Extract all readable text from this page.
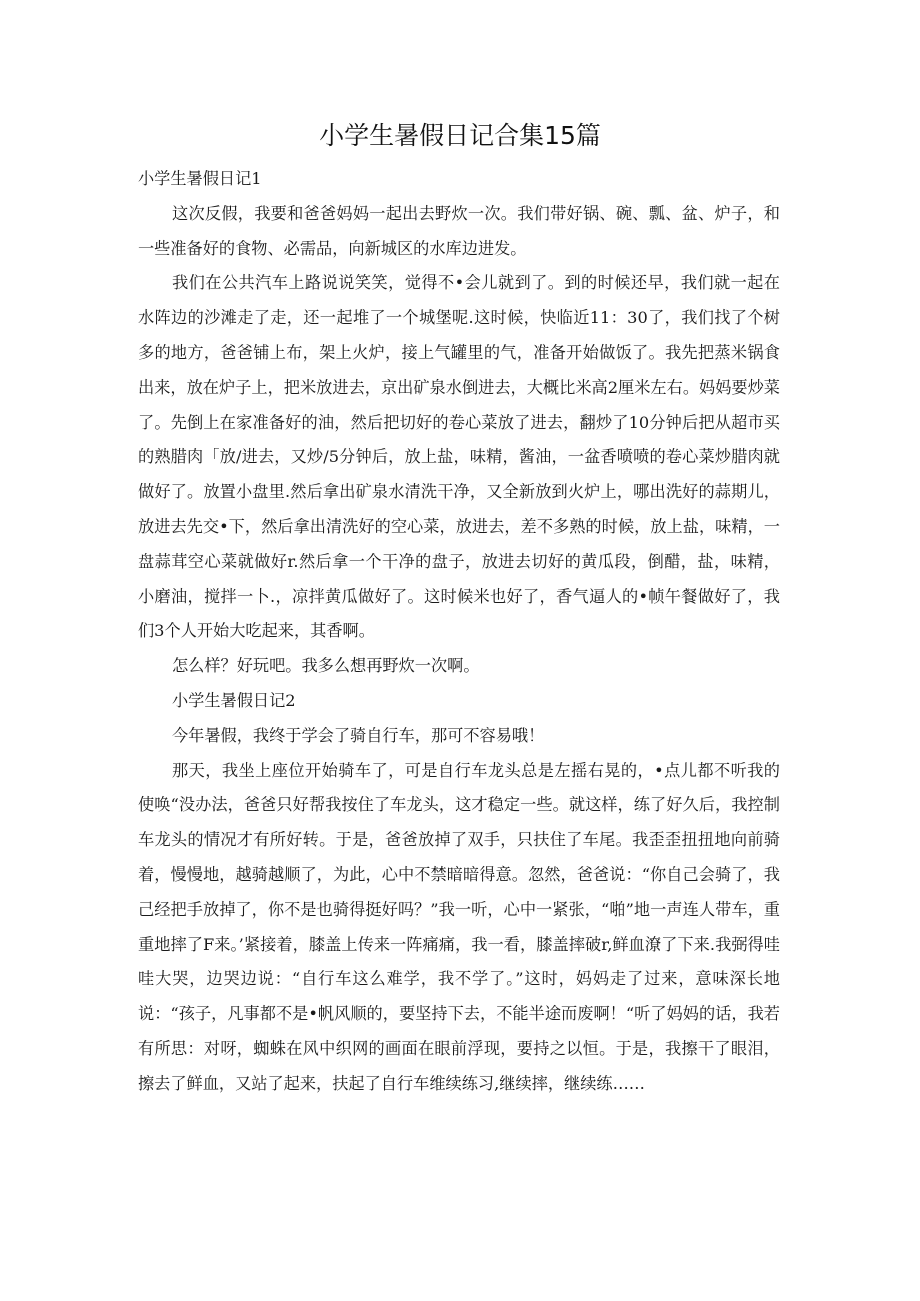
小学生暑假日记合集15篇

小学生暑假日记1

这次反假，我要和爸爸妈妈一起出去野炊一次。我们带好锅、碗、瓢、盆、炉子，和一些准备好的食物、必需品，向新城区的水库边进发。

我们在公共汽车上路说说笑笑，觉得不•会儿就到了。到的时候还早，我们就一起在水阵边的沙滩走了走，还一起堆了一个城堡呢.这时候，快临近11：30了，我们找了个树多的地方，爸爸铺上布，架上火炉，接上气罐里的气，准备开始做饭了。我先把蒸米锅食出来，放在炉子上，把米放进去，京出矿泉水倒进去，大概比米高2厘米左右。妈妈要炒菜了。先倒上在家准备好的油，然后把切好的卷心菜放了进去，翻炒了10分钟后把从超市买的熟腊肉「放/进去，又炒/5分钟后，放上盐，味精，酱油，一盆香喷喷的卷心菜炒腊肉就做好了。放置小盘里.然后拿出矿泉水清洗干净，又全新放到火炉上，哪出洗好的蒜期儿，放进去先交•下，然后拿出清洗好的空心菜，放进去，差不多熟的时候，放上盐，味精，一盘蒜茸空心菜就做好r.然后拿一个干净的盘子，放进去切好的黄瓜段，倒醋，盐，味精，小磨油，搅拌一卜.，凉拌黄瓜做好了。这时候米也好了，香气逼人的•帧午餐做好了，我们3个人开始大吃起来，其香啊。

怎么样？好玩吧。我多么想再野炊一次啊。

小学生暑假日记2

今年暑假，我终于学会了骑自行车，那可不容易哦！

那天，我坐上座位开始骑车了，可是自行车龙头总是左摇右晃的，•点儿都不听我的使唤“没办法，爸爸只好帮我按住了车龙头，这才稳定一些。就这样，练了好久后，我控制车龙头的情况才有所好转。于是，爸爸放掉了双手，只扶住了车尾。我歪歪扭扭地向前骑着，慢慢地，越骑越顺了，为此，心中不禁暗暗得意。忽然，爸爸说：“你自己会骑了，我己经把手放掉了，你不是也骑得挺好吗？”我一听，心中一紧张，“啪”地一声连人带车，重重地摔了F来。’紧接着，膝盖上传来一阵痛痛，我一看，膝盖摔破r,鲜血潦了下来.我弼得哇哇大哭，边哭边说：“自行车这么难学，我不学了。”这时，妈妈走了过来，意味深长地说：“孩子，凡事都不是•帆风顺的，要坚持下去，不能半途而废啊！“听了妈妈的话，我若有所思：对呀，蜘蛛在风中织网的画面在眼前浮现，要持之以恒。于是，我擦干了眼泪，擦去了鲜血，又站了起来，扶起了自行车维续练习,继续摔，继续练……
